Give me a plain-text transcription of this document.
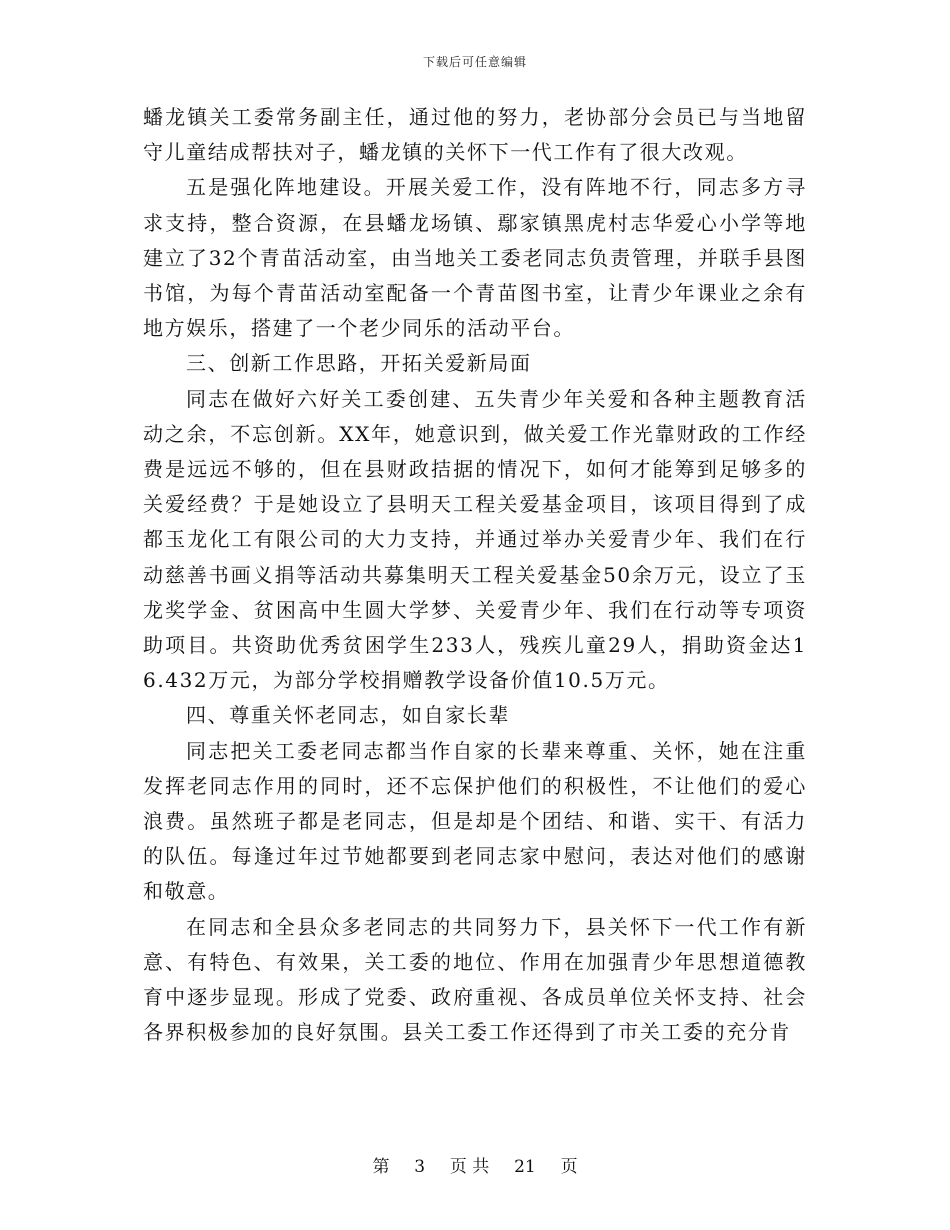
下载后可任意编辑

蟠龙镇关工委常务副主任，通过他的努力，老协部分会员已与当地留守儿童结成帮扶对子，蟠龙镇的关怀下一代工作有了很大改观。

五是强化阵地建设。开展关爱工作，没有阵地不行，同志多方寻求支持，整合资源，在县蟠龙场镇、鄢家镇黑虎村志华爱心小学等地建立了32个青苗活动室，由当地关工委老同志负责管理，并联手县图书馆，为每个青苗活动室配备一个青苗图书室，让青少年课业之余有地方娱乐，搭建了一个老少同乐的活动平台。

三、创新工作思路，开拓关爱新局面

同志在做好六好关工委创建、五失青少年关爱和各种主题教育活动之余，不忘创新。XX年，她意识到，做关爱工作光靠财政的工作经费是远远不够的，但在县财政拮据的情况下，如何才能筹到足够多的关爱经费？于是她设立了县明天工程关爱基金项目，该项目得到了成都玉龙化工有限公司的大力支持，并通过举办关爱青少年、我们在行动慈善书画义捐等活动共募集明天工程关爱基金50余万元，设立了玉龙奖学金、贫困高中生圆大学梦、关爱青少年、我们在行动等专项资助项目。共资助优秀贫困学生233人，残疾儿童29人，捐助资金达16.432万元，为部分学校捐赠教学设备价值10.5万元。

四、尊重关怀老同志，如自家长辈

同志把关工委老同志都当作自家的长辈来尊重、关怀，她在注重发挥老同志作用的同时，还不忘保护他们的积极性，不让他们的爱心浪费。虽然班子都是老同志，但是却是个团结、和谐、实干、有活力的队伍。每逢过年过节她都要到老同志家中慰问，表达对他们的感谢和敬意。

在同志和全县众多老同志的共同努力下，县关怀下一代工作有新意、有特色、有效果，关工委的地位、作用在加强青少年思想道德教育中逐步显现。形成了党委、政府重视、各成员单位关怀支持、社会各界积极参加的良好氛围。县关工委工作还得到了市关工委的充分肯

第 3 页 共 21 页
